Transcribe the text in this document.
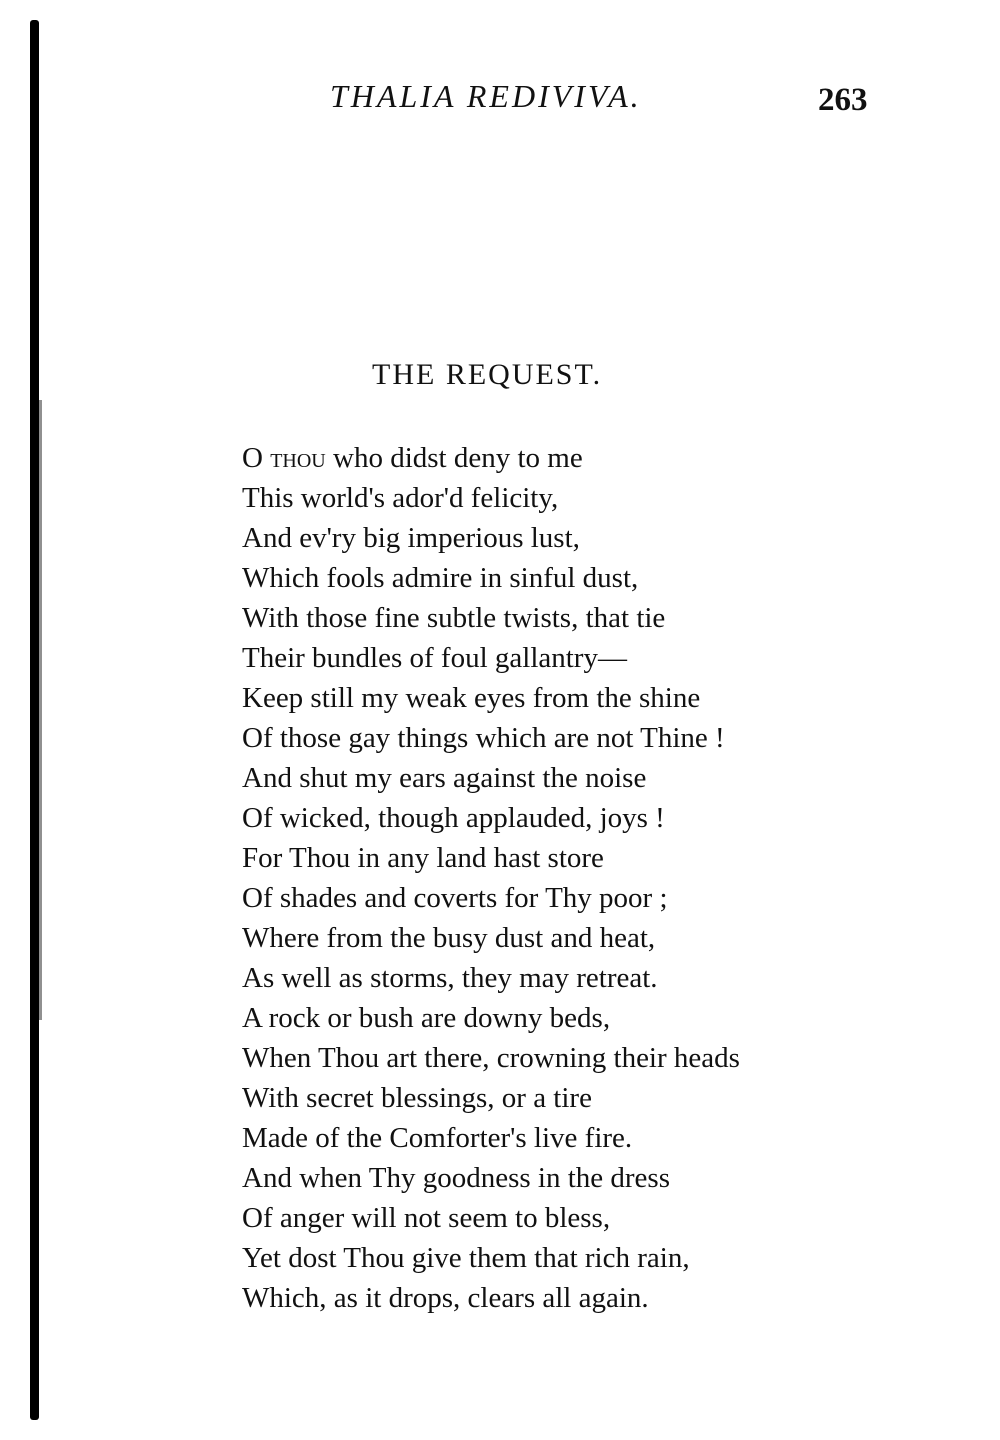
THALIA REDIVIVA.	263
THE REQUEST.
O thou who didst deny to me
This world's ador'd felicity,
And ev'ry big imperious lust,
Which fools admire in sinful dust,
With those fine subtle twists, that tie
Their bundles of foul gallantry—
Keep still my weak eyes from the shine
Of those gay things which are not Thine !
And shut my ears against the noise
Of wicked, though applauded, joys !
For Thou in any land hast store
Of shades and coverts for Thy poor ;
Where from the busy dust and heat,
As well as storms, they may retreat.
A rock or bush are downy beds,
When Thou art there, crowning their heads
With secret blessings, or a tire
Made of the Comforter's live fire.
And when Thy goodness in the dress
Of anger will not seem to bless,
Yet dost Thou give them that rich rain,
Which, as it drops, clears all again.
